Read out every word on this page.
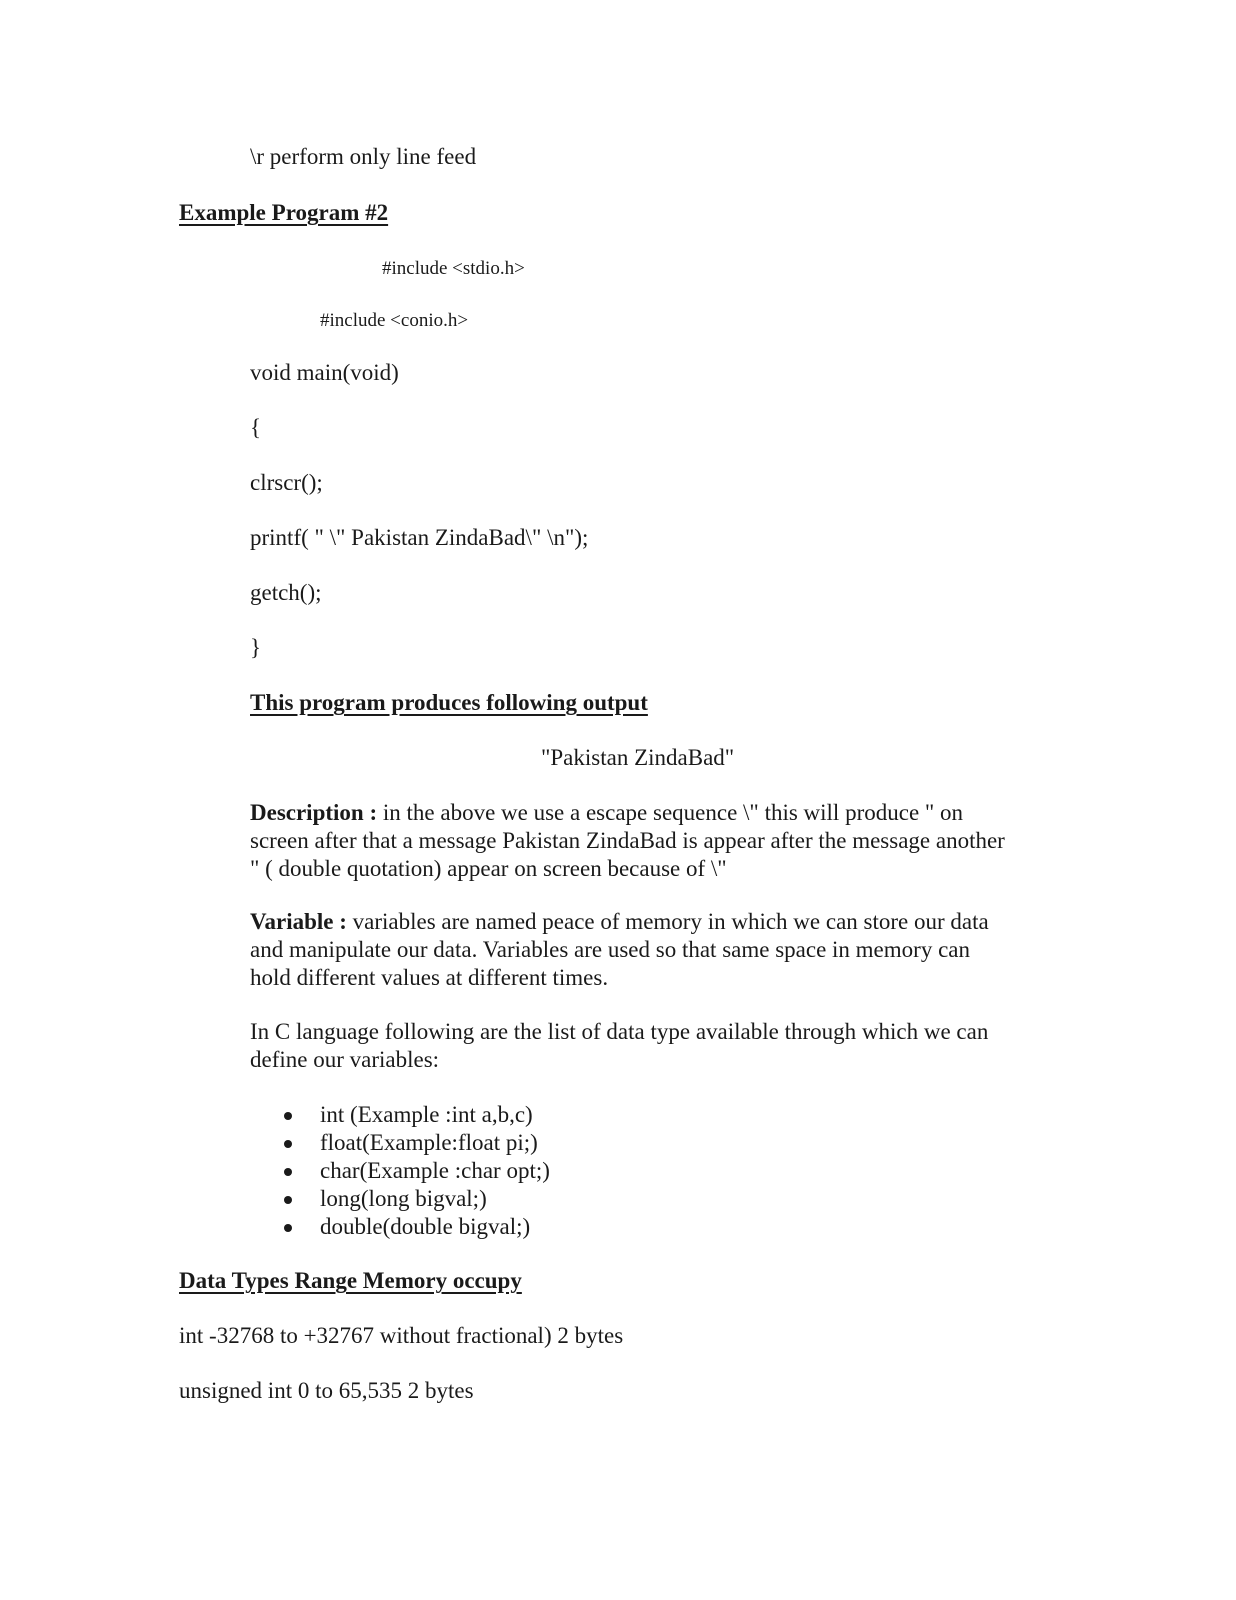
\r perform only line feed
Example Program #2
#include <stdio.h>
#include <conio.h>
void main(void)
{
clrscr();
printf( " \" Pakistan ZindaBad\" \n");
getch();
}
This program produces following output
"Pakistan ZindaBad"

Description : in the above we use a escape sequence \" this will produce " on

screen after that a message Pakistan ZindaBad is appear after the message another

" ( double quotation) appear on screen because of \"

Variable : variables are named peace of memory in which we can store our data

and manipulate our data. Variables are used so that same space in memory can

hold different values at different times.

In C language following are the list of data type available through which we can

define our variables:

int (Example :int a,b,c)
float(Example:float pi;)
char(Example :char opt;)
long(long bigval;)
double(double bigval;)
Data Types Range Memory occupy
int -32768 to +32767 without fractional) 2 bytes
unsigned int 0 to 65,535 2 bytes
